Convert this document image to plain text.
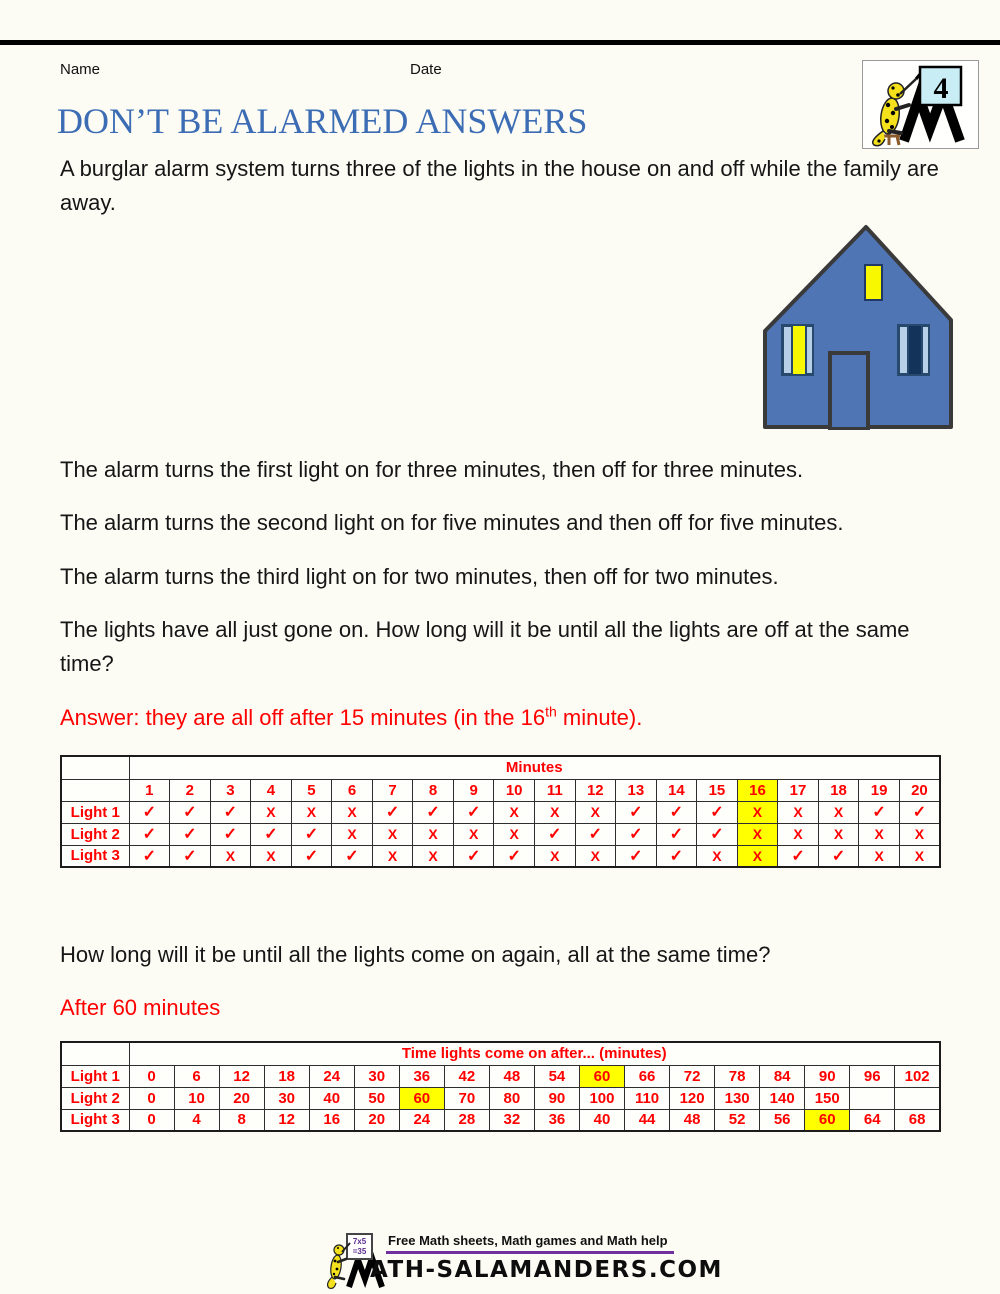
Name	Date
4
DON’T BE ALARMED ANSWERS
A burglar alarm system turns three of the lights in the house on and off while the family are away.
The alarm turns the first light on for three minutes, then off for three minutes.
The alarm turns the second light on for five minutes and then off for five minutes.
The alarm turns the third light on for two minutes, then off for two minutes.
The lights have all just gone on. How long will it be until all the lights are off at the same time?
Answer: they are all off after 15 minutes (in the 16th minute).
	Minutes																			
	1	2	3	4	5	6	7	8	9	10	11	12	13	14	15	16	17	18	19	20
Light 1	✓	✓	✓	X	X	X	✓	✓	✓	X	X	X	✓	✓	✓	X	X	X	✓	✓
Light 2	✓	✓	✓	✓	✓	X	X	X	X	X	✓	✓	✓	✓	✓	X	X	X	X	X
Light 3	✓	✓	X	X	✓	✓	X	X	✓	✓	X	X	✓	✓	X	X	✓	✓	X	X
How long will it be until all the lights come on again, all at the same time?
After 60 minutes
	Time lights come on after... (minutes)																	
Light 1	0	6	12	18	24	30	36	42	48	54	60	66	72	78	84	90	96	102
Light 2	0	10	20	30	40	50	60	70	80	90	100	110	120	130	140	150		
Light 3	0	4	8	12	16	20	24	28	32	36	40	44	48	52	56	60	64	68
7x5
=35
Free Math sheets, Math games and Math help
ATH-SALAMANDERS.COM
